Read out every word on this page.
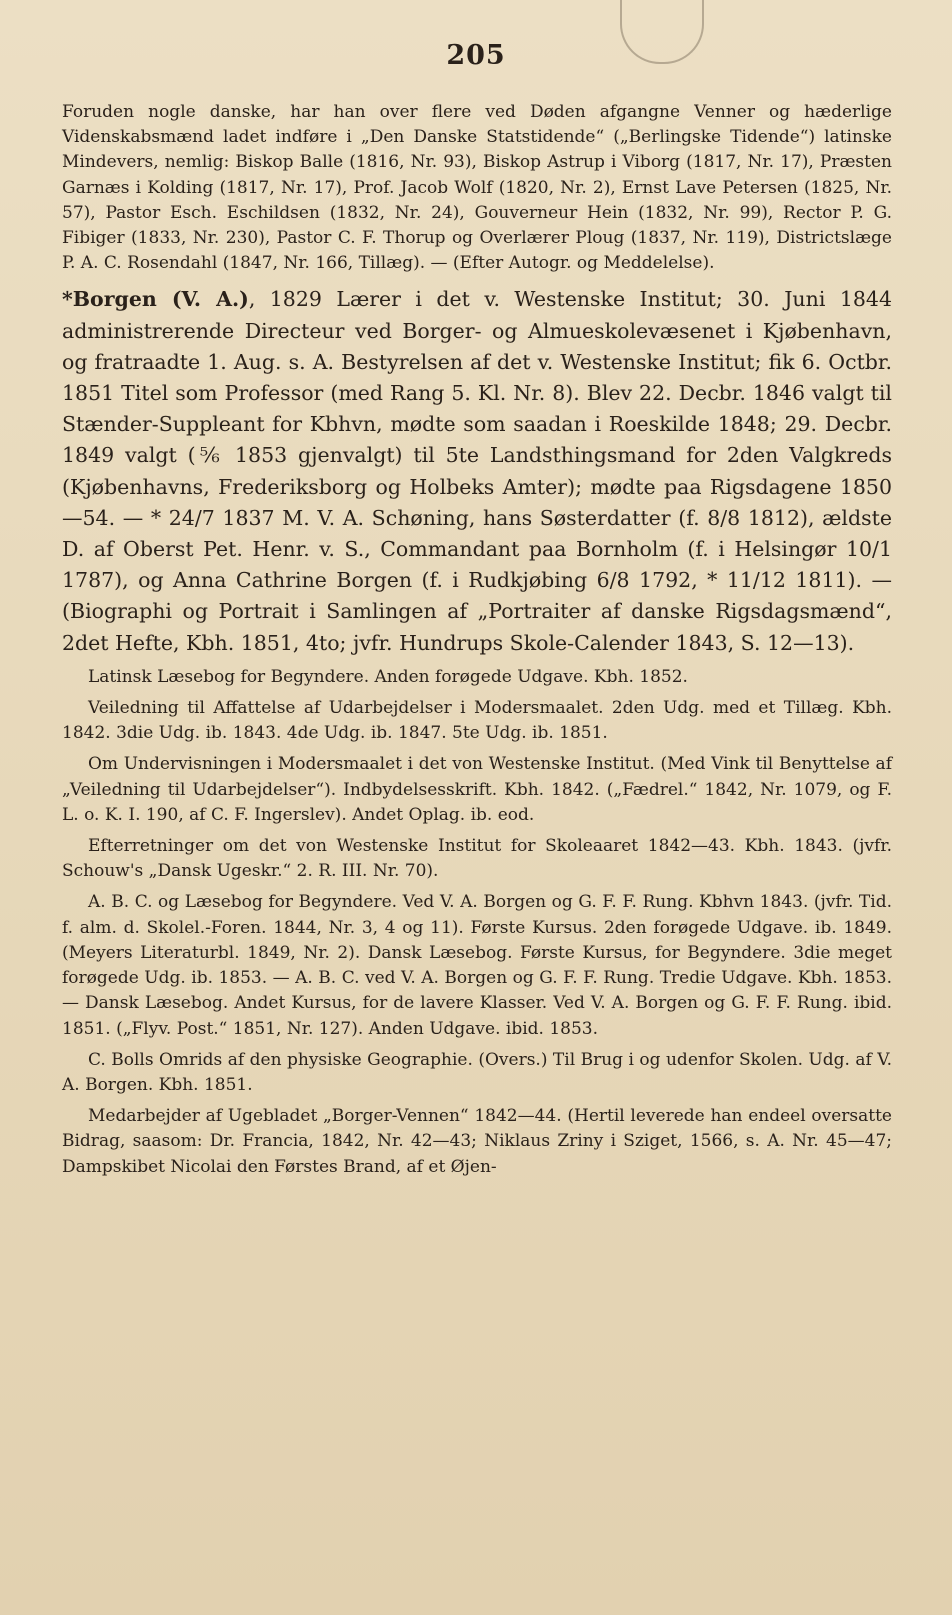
205

Foruden nogle danske, har han over flere ved Døden afgangne Venner og hæderlige Videnskabsmænd ladet indføre i „Den Danske Statstidende“ („Berlingske Tidende“) latinske Mindevers, nemlig: Biskop Balle (1816, Nr. 93), Biskop Astrup i Viborg (1817, Nr. 17), Præsten Garnæs i Kolding (1817, Nr. 17), Prof. Jacob Wolf (1820, Nr. 2), Ernst Lave Petersen (1825, Nr. 57), Pastor Esch. Eschildsen (1832, Nr. 24), Gouverneur Hein (1832, Nr. 99), Rector P. G. Fibiger (1833, Nr. 230), Pastor C. F. Thorup og Overlærer Ploug (1837, Nr. 119), Districtslæge P. A. C. Rosendahl (1847, Nr. 166, Tillæg). — (Efter Autogr. og Meddelelse).

*Borgen (V. A.), 1829 Lærer i det v. Westenske Institut; 30. Juni 1844 administrerende Directeur ved Borger- og Almueskolevæsenet i Kjøbenhavn, og fratraadte 1. Aug. s. A. Bestyrelsen af det v. Westenske Institut; fik 6. Octbr. 1851 Titel som Professor (med Rang 5. Kl. Nr. 8). Blev 22. Decbr. 1846 valgt til Stænder-Suppleant for Kbhvn, mødte som saadan i Roeskilde 1848; 29. Decbr. 1849 valgt (⅚ 1853 gjenvalgt) til 5te Landsthingsmand for 2den Valgkreds (Kjøbenhavns, Frederiksborg og Holbeks Amter); mødte paa Rigsdagene 1850—54. — * 24/7 1837 M. V. A. Schøning, hans Søsterdatter (f. 8/8 1812), ældste D. af Oberst Pet. Henr. v. S., Commandant paa Bornholm (f. i Helsingør 10/1 1787), og Anna Cathrine Borgen (f. i Rudkjøbing 6/8 1792, * 11/12 1811). — (Biographi og Portrait i Samlingen af „Portraiter af danske Rigsdagsmænd“, 2det Hefte, Kbh. 1851, 4to; jvfr. Hundrups Skole-Calender 1843, S. 12—13).

Latinsk Læsebog for Begyndere. Anden forøgede Udgave. Kbh. 1852.

Veiledning til Affattelse af Udarbejdelser i Modersmaalet. 2den Udg. med et Tillæg. Kbh. 1842. 3die Udg. ib. 1843. 4de Udg. ib. 1847. 5te Udg. ib. 1851.

Om Undervisningen i Modersmaalet i det von Westenske Institut. (Med Vink til Benyttelse af „Veiledning til Udarbejdelser“). Indbydelsesskrift. Kbh. 1842. („Fædrel.“ 1842, Nr. 1079, og F. L. o. K. I. 190, af C. F. Ingerslev). Andet Oplag. ib. eod.

Efterretninger om det von Westenske Institut for Skoleaaret 1842—43. Kbh. 1843. (jvfr. Schouw's „Dansk Ugeskr.“ 2. R. III. Nr. 70).

A. B. C. og Læsebog for Begyndere. Ved V. A. Borgen og G. F. F. Rung. Kbhvn 1843. (jvfr. Tid. f. alm. d. Skolel.-Foren. 1844, Nr. 3, 4 og 11). Første Kursus. 2den forøgede Udgave. ib. 1849. (Meyers Literaturbl. 1849, Nr. 2). Dansk Læsebog. Første Kursus, for Begyndere. 3die meget forøgede Udg. ib. 1853. — A. B. C. ved V. A. Borgen og G. F. F. Rung. Tredie Udgave. Kbh. 1853. — Dansk Læsebog. Andet Kursus, for de lavere Klasser. Ved V. A. Borgen og G. F. F. Rung. ibid. 1851. („Flyv. Post.“ 1851, Nr. 127). Anden Udgave. ibid. 1853.

C. Bolls Omrids af den physiske Geographie. (Overs.) Til Brug i og udenfor Skolen. Udg. af V. A. Borgen. Kbh. 1851.

Medarbejder af Ugebladet „Borger-Vennen“ 1842—44. (Hertil leverede han endeel oversatte Bidrag, saasom: Dr. Francia, 1842, Nr. 42—43; Niklaus Zriny i Sziget, 1566, s. A. Nr. 45—47; Dampskibet Nicolai den Førstes Brand, af et Øjen-
